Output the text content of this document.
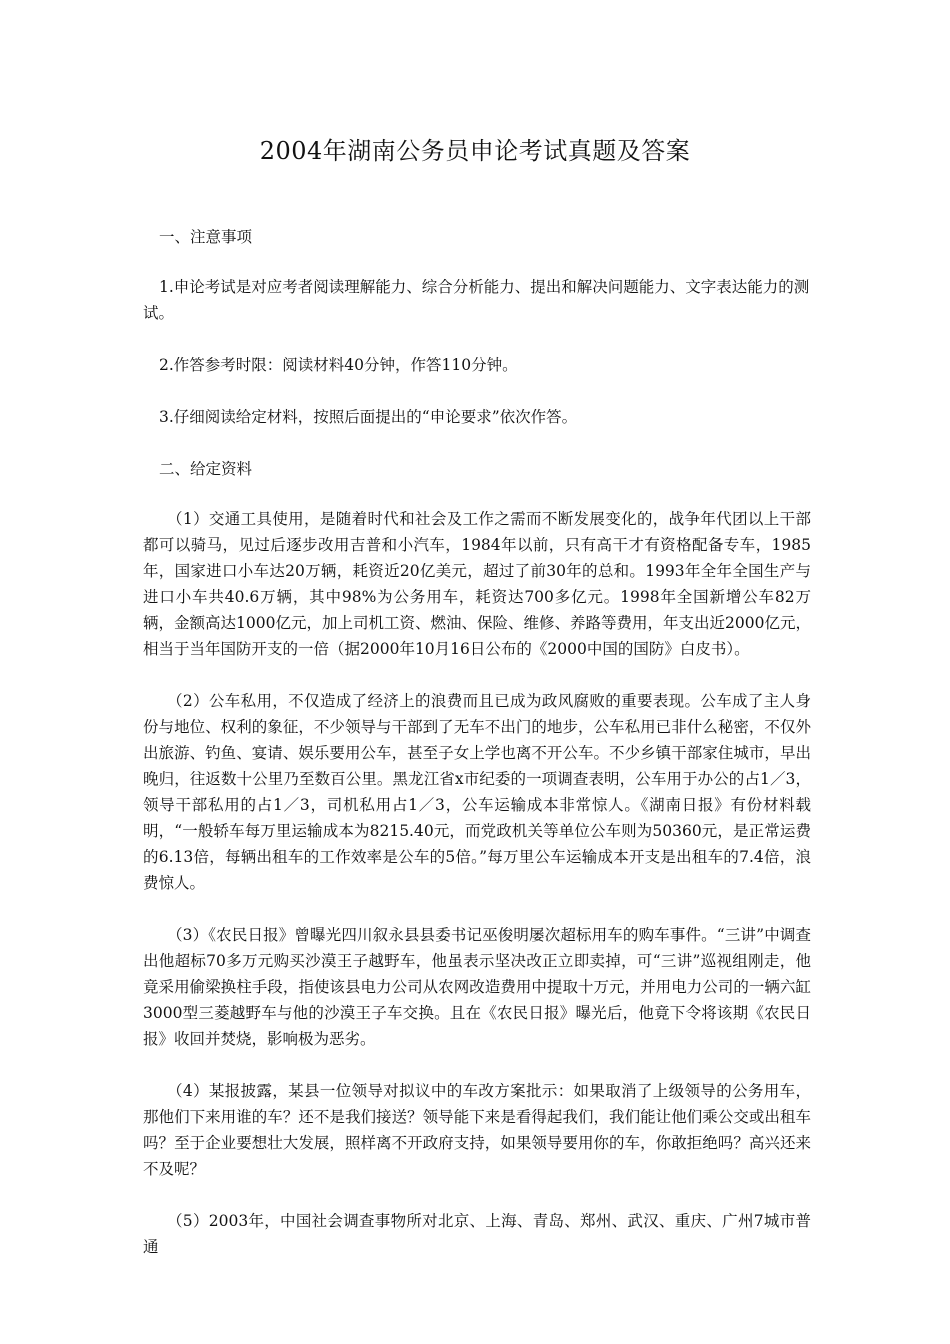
2004年湖南公务员申论考试真题及答案

一、注意事项

1.申论考试是对应考者阅读理解能力、综合分析能力、提出和解决问题能力、文字表达能力的测试。

2.作答参考时限：阅读材料40分钟，作答110分钟。

3.仔细阅读给定材料，按照后面提出的“申论要求”依次作答。

二、给定资料

（1）交通工具使用，是随着时代和社会及工作之需而不断发展变化的，战争年代团以上干部都可以骑马，见过后逐步改用吉普和小汽车，1984年以前，只有高干才有资格配备专车，1985年，国家进口小车达20万辆，耗资近20亿美元，超过了前30年的总和。1993年全年全国生产与进口小车共40.6万辆，其中98%为公务用车，耗资达700多亿元。1998年全国新增公车82万辆，金额高达1000亿元，加上司机工资、燃油、保险、维修、养路等费用，年支出近2000亿元，相当于当年国防开支的一倍（据2000年10月16日公布的《2000中国的国防》白皮书）。

（2）公车私用，不仅造成了经济上的浪费而且已成为政风腐败的重要表现。公车成了主人身份与地位、权利的象征，不少领导与干部到了无车不出门的地步，公车私用已非什么秘密，不仅外出旅游、钓鱼、宴请、娱乐要用公车，甚至子女上学也离不开公车。不少乡镇干部家住城市，早出晚归，往返数十公里乃至数百公里。黑龙江省x市纪委的一项调查表明，公车用于办公的占1／3，领导干部私用的占1／3，司机私用占1／3，公车运输成本非常惊人。《湖南日报》有份材料载明，“一般轿车每万里运输成本为8215.40元，而党政机关等单位公车则为50360元，是正常运费的6.13倍，每辆出租车的工作效率是公车的5倍。”每万里公车运输成本开支是出租车的7.4倍，浪费惊人。

（3）《农民日报》曾曝光四川叙永县县委书记巫俊明屡次超标用车的购车事件。“三讲”中调查出他超标70多万元购买沙漠王子越野车，他虽表示坚决改正立即卖掉，可“三讲”巡视组刚走，他竟采用偷梁换柱手段，指使该县电力公司从农网改造费用中提取十万元，并用电力公司的一辆六缸3000型三菱越野车与他的沙漠王子车交换。且在《农民日报》曝光后，他竟下令将该期《农民日报》收回并焚烧，影响极为恶劣。

（4）某报披露，某县一位领导对拟议中的车改方案批示：如果取消了上级领导的公务用车，那他们下来用谁的车？还不是我们接送？领导能下来是看得起我们，我们能让他们乘公交或出租车吗？至于企业要想壮大发展，照样离不开政府支持，如果领导要用你的车，你敢拒绝吗？高兴还来不及呢？

（5）2003年，中国社会调查事物所对北京、上海、青岛、郑州、武汉、重庆、广州7城市普通
